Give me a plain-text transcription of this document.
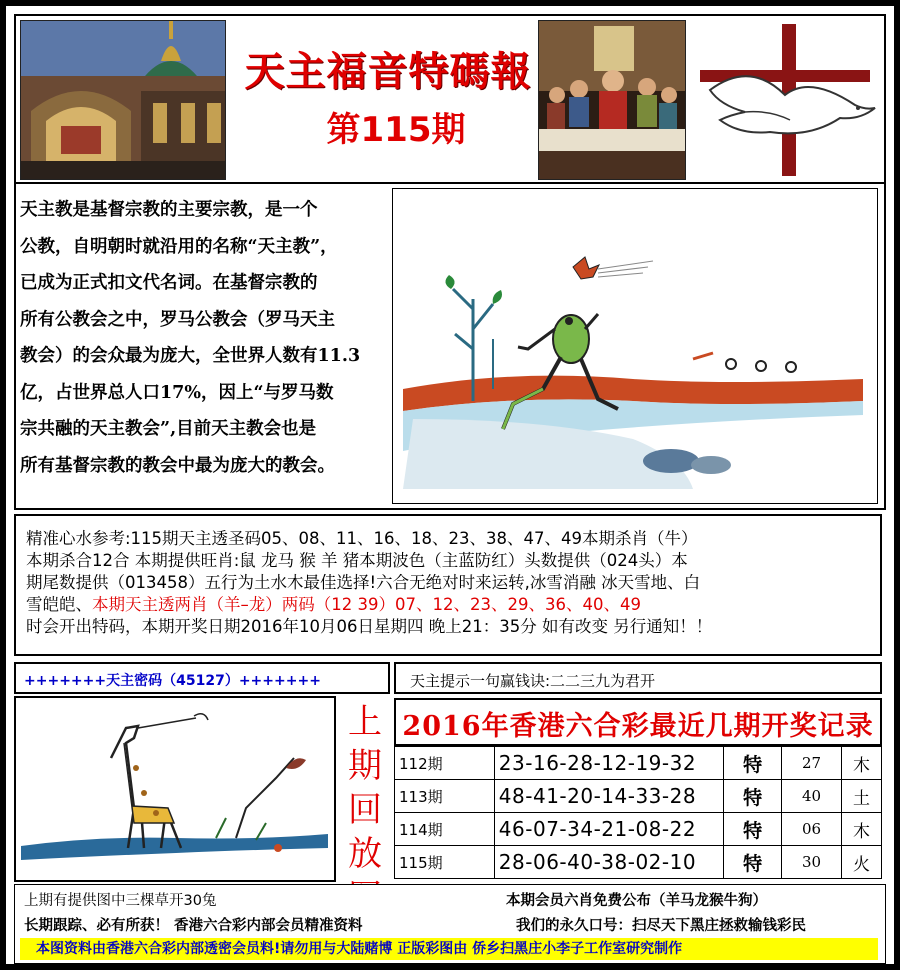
天主福音特碼報
第115期
天主教是基督宗教的主要宗教，是一个
公教，自明朝时就沿用的名称“天主教”，
已成为正式扣文代名词。在基督宗教的
所有公教会之中，罗马公教会（罗马天主
教会）的会众最为庞大，全世界人数有11.3
亿，占世界总人口17%，因上“与罗马数
宗共融的天主教会”,目前天主教会也是
所有基督宗教的教会中最为庞大的教会。
精准心水参考:115期天主透圣码05、08、11、16、18、23、38、47、49本期杀肖（牛）
本期杀合12合 本期提供旺肖:鼠 龙马 猴 羊 猪本期波色（主蓝防红）头数提供（024头）本
期尾数提供（013458）五行为土水木最佳选择!六合无绝对时来运转,冰雪消融 冰天雪地、白
雪皑皑、本期天主透两肖（羊–龙）两码（12 39）07、12、23、29、36、40、49
时会开出特码，本期开奖日期2016年10月06日星期四 晚上21：35分 如有改变 另行通知！！
+++++++天主密码（45127）+++++++	天主提示一句赢钱诀:二二三九为君开
上
期
回
放
2016年香港六合彩最近几期开奖记录
112期	23-16-28-12-19-32	特	27	木
113期	48-41-20-14-33-28	特	40	土
114期	46-07-34-21-08-22	特	06	木
115期	28-06-40-38-02-10	特	30	火
上期有提供图中三棵草开30兔	本期会员六肖免费公布（羊马龙猴牛狗）
长期跟踪、必有所获！ 香港六合彩内部会员精准资料	我们的永久口号：扫尽天下黑庄拯救输钱彩民
本图资料由香港六合彩内部透密会员料!请勿用与大陆赌博 正版彩图由 侨乡扫黑庄小李子工作室研究制作
